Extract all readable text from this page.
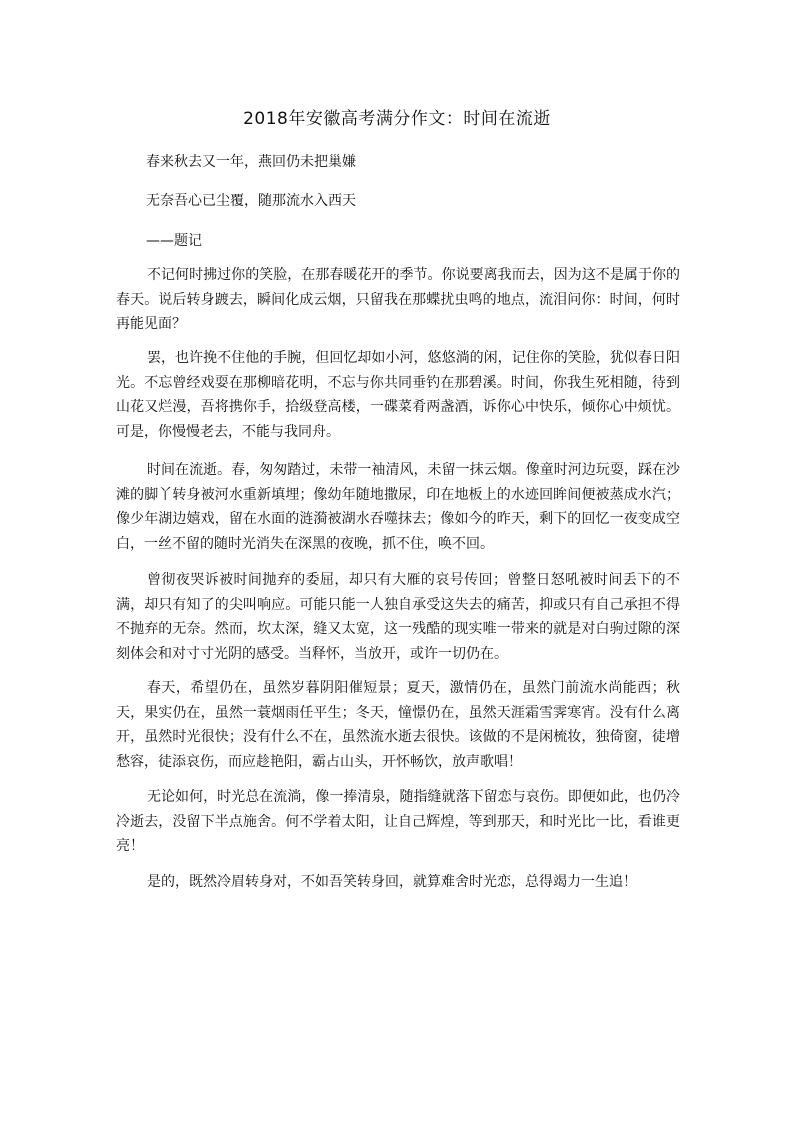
2018年安徽高考满分作文：时间在流逝
春来秋去又一年，燕回仍未把巢嫌
无奈吾心已尘覆，随那流水入西天
——题记

不记何时拂过你的笑脸，在那春暖花开的季节。你说要离我而去，因为这不是属于你的春天。说后转身踱去，瞬间化成云烟，只留我在那蝶扰虫鸣的地点，流泪问你：时间，何时再能见面？

罢，也许挽不住他的手腕，但回忆却如小河，悠悠淌的闲，记住你的笑脸，犹似春日阳光。不忘曾经戏耍在那柳暗花明，不忘与你共同垂钓在那碧溪。时间，你我生死相随，待到山花又烂漫，吾将携你手，拾级登高楼，一碟菜肴两盏酒，诉你心中快乐，倾你心中烦忧。可是，你慢慢老去，不能与我同舟。

时间在流逝。春，匆匆踏过，未带一袖清风，未留一抹云烟。像童时河边玩耍，踩在沙滩的脚丫转身被河水重新填埋；像幼年随地撒尿，印在地板上的水迹回眸间便被蒸成水汽；像少年湖边嬉戏，留在水面的涟漪被湖水吞噬抹去；像如今的昨天，剩下的回忆一夜变成空白，一丝不留的随时光消失在深黑的夜晚，抓不住，唤不回。

曾彻夜哭诉被时间抛弃的委屈，却只有大雁的哀号传回；曾整日怒吼被时间丢下的不满，却只有知了的尖叫响应。可能只能一人独自承受这失去的痛苦，抑或只有自己承担不得不抛弃的无奈。然而，坎太深，缝又太宽，这一残酷的现实唯一带来的就是对白驹过隙的深刻体会和对寸寸光阴的感受。当释怀，当放开，或许一切仍在。

春天，希望仍在，虽然岁暮阴阳催短景；夏天，激情仍在，虽然门前流水尚能西；秋天，果实仍在，虽然一蓑烟雨任平生；冬天，憧憬仍在，虽然天涯霜雪霁寒宵。没有什么离开，虽然时光很快；没有什么不在，虽然流水逝去很快。该做的不是闲梳妆，独倚窗，徒增愁容，徒添哀伤，而应趁艳阳，霸占山头，开怀畅饮，放声歌唱！

无论如何，时光总在流淌，像一捧清泉，随指缝就落下留恋与哀伤。即便如此，也仍冷冷逝去，没留下半点施舍。何不学着太阳，让自己辉煌，等到那天，和时光比一比，看谁更亮！

是的，既然冷眉转身对，不如吾笑转身回，就算难舍时光恋，总得竭力一生追！
